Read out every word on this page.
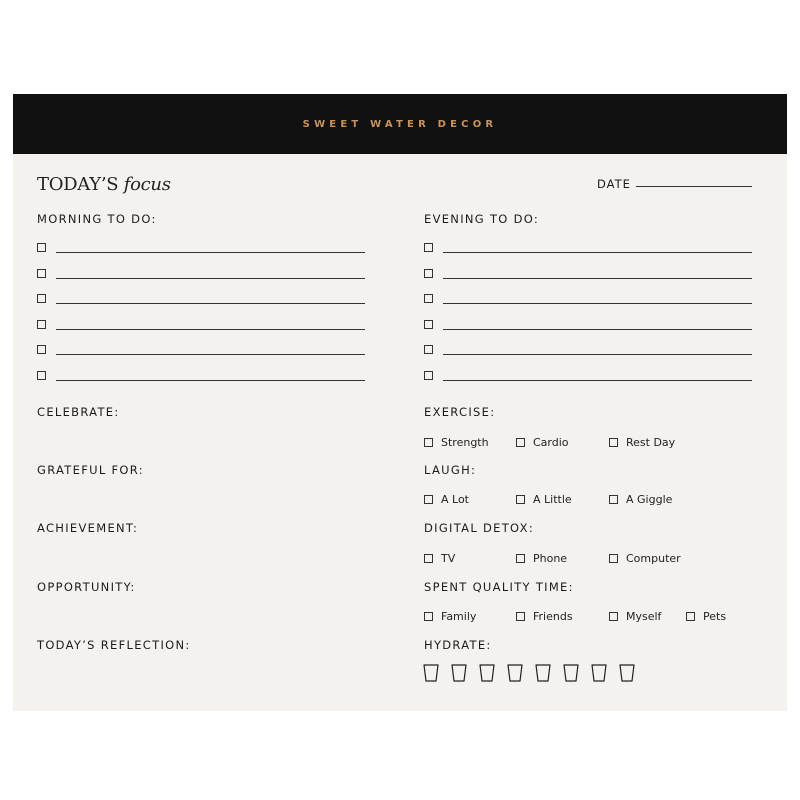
SWEET WATER DECOR
TODAY’S focus	DATE
MORNING TO DO:	EVENING TO DO:
CELEBRATE:
GRATEFUL FOR:
ACHIEVEMENT:
OPPORTUNITY:
TODAY’S REFLECTION:
EXERCISE:
Strength	Cardio	Rest Day
LAUGH:
A Lot	A Little	A Giggle
DIGITAL DETOX:
TV	Phone	Computer
SPENT QUALITY TIME:
Family	Friends	Myself	Pets
HYDRATE:
